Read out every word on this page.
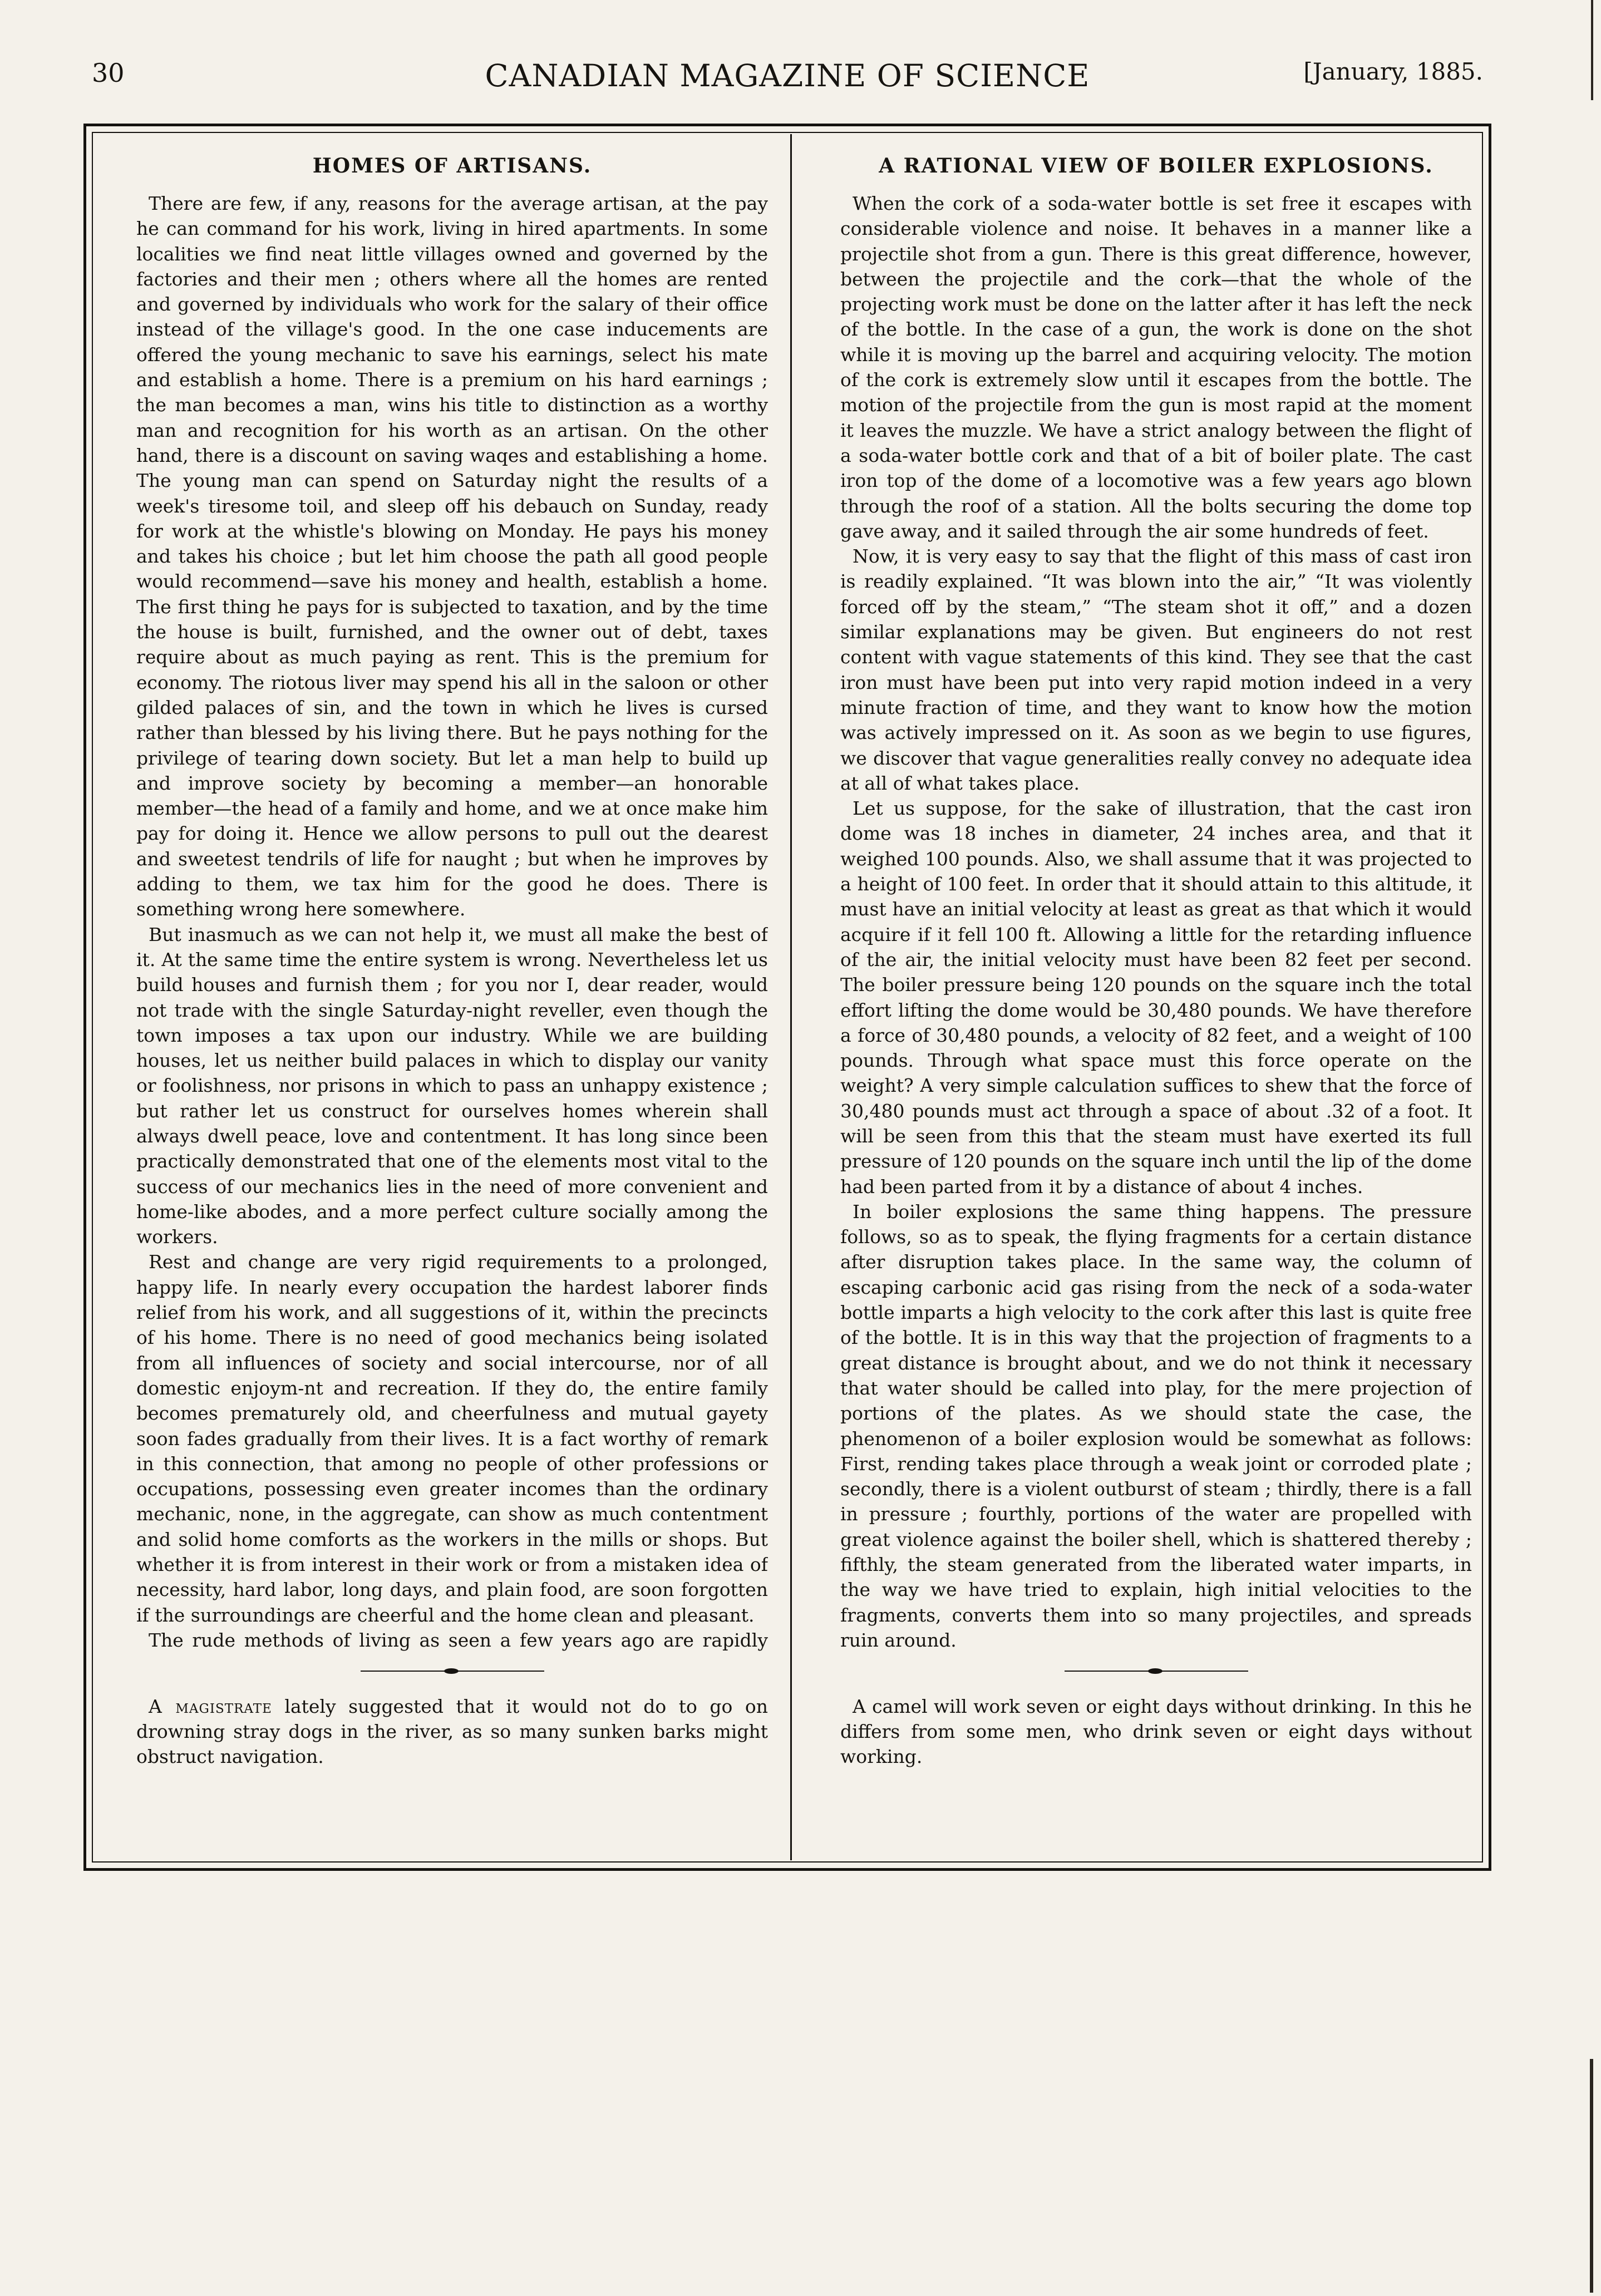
30	CANADIAN MAGAZINE OF SCIENCE	[January, 1885.
HOMES OF ARTISANS.

There are few, if any, reasons for the average artisan, at the pay he can command for his work, living in hired apartments. In some localities we find neat little villages owned and governed by the factories and their men ; others where all the homes are rented and governed by individuals who work for the salary of their office instead of the village's good. In the one case inducements are offered the young mechanic to save his earnings, select his mate and establish a home. There is a premium on his hard earnings ; the man becomes a man, wins his title to distinction as a worthy man and recognition for his worth as an artisan. On the other hand, there is a discount on saving waqes and establishing a home. The young man can spend on Saturday night the results of a week's tiresome toil, and sleep off his debauch on Sunday, ready for work at the whistle's blowing on Monday. He pays his money and takes his choice ; but let him choose the path all good people would recommend—save his money and health, establish a home. The first thing he pays for is subjected to taxation, and by the time the house is built, furnished, and the owner out of debt, taxes require about as much paying as rent. This is the premium for economy. The riotous liver may spend his all in the saloon or other gilded palaces of sin, and the town in which he lives is cursed rather than blessed by his living there. But he pays nothing for the privilege of tearing down society. But let a man help to build up and improve society by becoming a member—an honorable member—the head of a family and home, and we at once make him pay for doing it. Hence we allow persons to pull out the dearest and sweetest tendrils of life for naught ; but when he improves by adding to them, we tax him for the good he does. There is something wrong here somewhere.

But inasmuch as we can not help it, we must all make the best of it. At the same time the entire system is wrong. Nevertheless let us build houses and furnish them ; for you nor I, dear reader, would not trade with the single Saturday-night reveller, even though the town imposes a tax upon our industry. While we are building houses, let us neither build palaces in which to display our vanity or foolishness, nor prisons in which to pass an unhappy existence ; but rather let us construct for ourselves homes wherein shall always dwell peace, love and contentment. It has long since been practically demonstrated that one of the elements most vital to the success of our mechanics lies in the need of more convenient and home-like abodes, and a more perfect culture socially among the workers.

Rest and change are very rigid requirements to a prolonged, happy life. In nearly every occupation the hardest laborer finds relief from his work, and all suggestions of it, within the precincts of his home. There is no need of good mechanics being isolated from all influences of society and social intercourse, nor of all domestic enjoym-nt and recreation. If they do, the entire family becomes prematurely old, and cheerfulness and mutual gayety soon fades gradually from their lives. It is a fact worthy of remark in this connection, that among no people of other professions or occupations, possessing even greater incomes than the ordinary mechanic, none, in the aggregate, can show as much contentment and solid home comforts as the workers in the mills or shops. But whether it is from interest in their work or from a mistaken idea of necessity, hard labor, long days, and plain food, are soon forgotten if the surroundings are cheerful and the home clean and pleasant.

The rude methods of living as seen a few years ago are rapidly

A magistrate lately suggested that it would not do to go on drowning stray dogs in the river, as so many sunken barks might obstruct navigation.

A RATIONAL VIEW OF BOILER EXPLOSIONS.

When the cork of a soda-water bottle is set free it escapes with considerable violence and noise. It behaves in a manner like a projectile shot from a gun. There is this great difference, however, between the projectile and the cork—that the whole of the projecting work must be done on the latter after it has left the neck of the bottle. In the case of a gun, the work is done on the shot while it is moving up the barrel and acquiring velocity. The motion of the cork is extremely slow until it escapes from the bottle. The motion of the projectile from the gun is most rapid at the moment it leaves the muzzle. We have a strict analogy between the flight of a soda-water bottle cork and that of a bit of boiler plate. The cast iron top of the dome of a locomotive was a few years ago blown through the roof of a station. All the bolts securing the dome top gave away, and it sailed through the air some hundreds of feet.

Now, it is very easy to say that the flight of this mass of cast iron is readily explained. “It was blown into the air,” “It was violently forced off by the steam,” “The steam shot it off,” and a dozen similar explanations may be given. But engineers do not rest content with vague statements of this kind. They see that the cast iron must have been put into very rapid motion indeed in a very minute fraction of time, and they want to know how the motion was actively impressed on it. As soon as we begin to use figures, we discover that vague generalities really convey no adequate idea at all of what takes place.

Let us suppose, for the sake of illustration, that the cast iron dome was 18 inches in diameter, 24 inches area, and that it weighed 100 pounds. Also, we shall assume that it was projected to a height of 100 feet. In order that it should attain to this altitude, it must have an initial velocity at least as great as that which it would acquire if it fell 100 ft. Allowing a little for the retarding influence of the air, the initial velocity must have been 82 feet per second. The boiler pressure being 120 pounds on the square inch the total effort lifting the dome would be 30,480 pounds. We have therefore a force of 30,480 pounds, a velocity of 82 feet, and a weight of 100 pounds. Through what space must this force operate on the weight? A very simple calculation suffices to shew that the force of 30,480 pounds must act through a space of about .32 of a foot. It will be seen from this that the steam must have exerted its full pressure of 120 pounds on the square inch until the lip of the dome had been parted from it by a distance of about 4 inches.

In boiler explosions the same thing happens. The pressure follows, so as to speak, the flying fragments for a certain distance after disruption takes place. In the same way, the column of escaping carbonic acid gas rising from the neck of a soda-water bottle imparts a high velocity to the cork after this last is quite free of the bottle. It is in this way that the projection of fragments to a great distance is brought about, and we do not think it necessary that water should be called into play, for the mere projection of portions of the plates. As we should state the case, the phenomenon of a boiler explosion would be somewhat as follows: First, rending takes place through a weak joint or corroded plate ; secondly, there is a violent outburst of steam ; thirdly, there is a fall in pressure ; fourthly, portions of the water are propelled with great violence against the boiler shell, which is shattered thereby ; fifthly, the steam generated from the liberated water imparts, in the way we have tried to explain, high initial velocities to the fragments, converts them into so many projectiles, and spreads ruin around.

A camel will work seven or eight days without drinking. In this he differs from some men, who drink seven or eight days without working.
